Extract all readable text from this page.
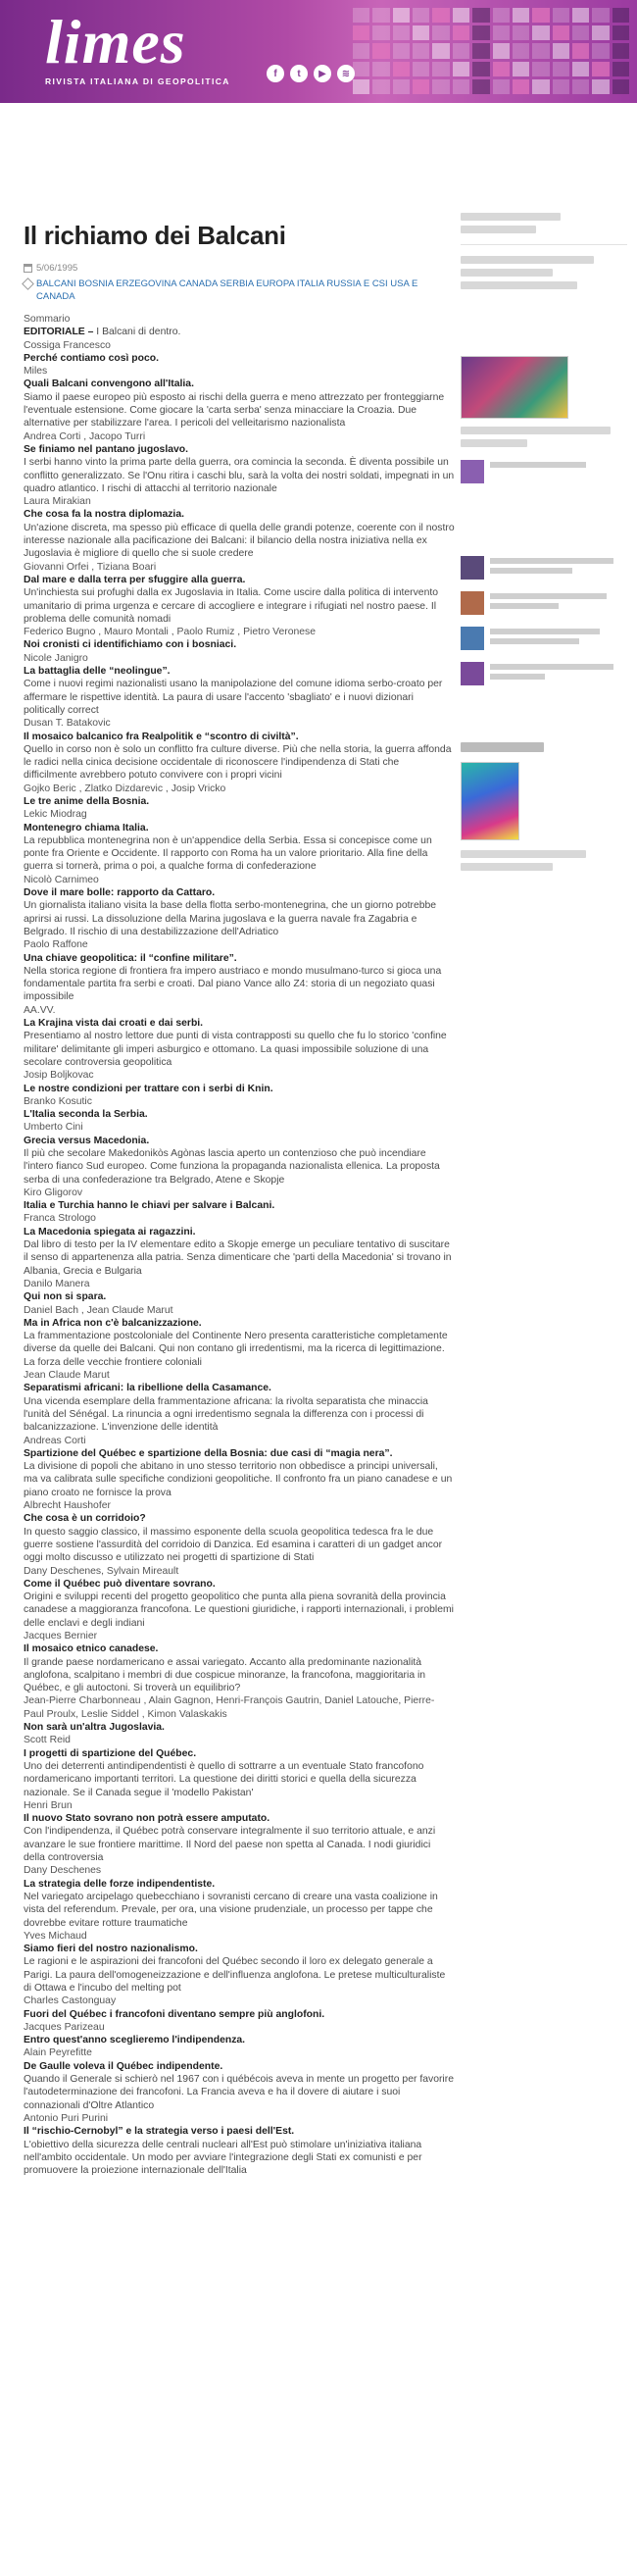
limes
RIVISTA ITALIANA DI GEOPOLITICA
f	t	▶	≋
Il richiamo dei Balcani
5/06/1995
BALCANI BOSNIA ERZEGOVINA CANADA SERBIA EUROPA ITALIA RUSSIA E CSI USA E CANADA
Sommario
EDITORIALE – I Balcani di dentro.
Cossiga Francesco
Perché contiamo così poco.
Miles
Quali Balcani convengono all'Italia.
Siamo il paese europeo più esposto ai rischi della guerra e meno attrezzato per fronteggiarne l'eventuale estensione. Come giocare la 'carta serba' senza minacciare la Croazia. Due alternative per stabilizzare l'area. I pericoli del velleitarismo nazionalista
Andrea Corti , Jacopo Turri
Se finiamo nel pantano jugoslavo.
I serbi hanno vinto la prima parte della guerra, ora comincia la seconda. È diventa possibile un conflitto generalizzato. Se l'Onu ritira i caschi blu, sarà la volta dei nostri soldati, impegnati in un quadro atlantico. I rischi di attacchi al territorio nazionale
Laura Mirakian
Che cosa fa la nostra diplomazia.
Un'azione discreta, ma spesso più efficace di quella delle grandi potenze, coerente con il nostro interesse nazionale alla pacificazione dei Balcani: il bilancio della nostra iniziativa nella ex Jugoslavia è migliore di quello che si suole credere
Giovanni Orfei , Tiziana Boari
Dal mare e dalla terra per sfuggire alla guerra.
Un'inchiesta sui profughi dalla ex Jugoslavia in Italia. Come uscire dalla politica di intervento umanitario di prima urgenza e cercare di accogliere e integrare i rifugiati nel nostro paese. Il problema delle comunità nomadi
Federico Bugno , Mauro Montali , Paolo Rumiz , Pietro Veronese
Noi cronisti ci identifichiamo con i bosniaci.
Nicole Janigro
La battaglia delle “neolingue”.
Come i nuovi regimi nazionalisti usano la manipolazione del comune idioma serbo-croato per affermare le rispettive identità. La paura di usare l'accento 'sbagliato' e i nuovi dizionari politically correct
Dusan T. Batakovic
Il mosaico balcanico fra Realpolitik e “scontro di civiltà”.
Quello in corso non è solo un conflitto fra culture diverse. Più che nella storia, la guerra affonda le radici nella cinica decisione occidentale di riconoscere l'indipendenza di Stati che difficilmente avrebbero potuto convivere con i propri vicini
Gojko Beric , Zlatko Dizdarevic , Josip Vricko
Le tre anime della Bosnia.
Lekic Miodrag
Montenegro chiama Italia.
La repubblica montenegrina non è un'appendice della Serbia. Essa si concepisce come un ponte fra Oriente e Occidente. Il rapporto con Roma ha un valore prioritario. Alla fine della guerra si tornerà, prima o poi, a qualche forma di confederazione
Nicolò Carnimeo
Dove il mare bolle: rapporto da Cattaro.
Un giornalista italiano visita la base della flotta serbo-montenegrina, che un giorno potrebbe aprirsi ai russi. La dissoluzione della Marina jugoslava e la guerra navale fra Zagabria e Belgrado. Il rischio di una destabilizzazione dell'Adriatico
Paolo Raffone
Una chiave geopolitica: il “confine militare”.
Nella storica regione di frontiera fra impero austriaco e mondo musulmano-turco si gioca una fondamentale partita fra serbi e croati. Dal piano Vance allo Z4: storia di un negoziato quasi impossibile
AA.VV.
La Krajina vista dai croati e dai serbi.
Presentiamo al nostro lettore due punti di vista contrapposti su quello che fu lo storico 'confine militare' delimitante gli imperi asburgico e ottomano. La quasi impossibile soluzione di una secolare controversia geopolitica
Josip Boljkovac
Le nostre condizioni per trattare con i serbi di Knin.
Branko Kosutic
L'Italia seconda la Serbia.
Umberto Cini
Grecia versus Macedonia.
Il più che secolare Makedonikòs Agònas lascia aperto un contenzioso che può incendiare l'intero fianco Sud europeo. Come funziona la propaganda nazionalista ellenica. La proposta serba di una confederazione tra Belgrado, Atene e Skopje
Kiro Gligorov
Italia e Turchia hanno le chiavi per salvare i Balcani.
Franca Strologo
La Macedonia spiegata ai ragazzini.
Dal libro di testo per la IV elementare edito a Skopje emerge un peculiare tentativo di suscitare il senso di appartenenza alla patria. Senza dimenticare che 'parti della Macedonia' si trovano in Albania, Grecia e Bulgaria
Danilo Manera
Qui non si spara.
Daniel Bach , Jean Claude Marut
Ma in Africa non c'è balcanizzazione.
La frammentazione postcoloniale del Continente Nero presenta caratteristiche completamente diverse da quelle dei Balcani. Qui non contano gli irredentismi, ma la ricerca di legittimazione. La forza delle vecchie frontiere coloniali
Jean Claude Marut
Separatismi africani: la ribellione della Casamance.
Una vicenda esemplare della frammentazione africana: la rivolta separatista che minaccia l'unità del Sénégal. La rinuncia a ogni irredentismo segnala la differenza con i processi di balcanizzazione. L'invenzione delle identità
Andreas Corti
Spartizione del Québec e spartizione della Bosnia: due casi di “magia nera”.
La divisione di popoli che abitano in uno stesso territorio non obbedisce a principi universali, ma va calibrata sulle specifiche condizioni geopolitiche. Il confronto fra un piano canadese e un piano croato ne fornisce la prova
Albrecht Haushofer
Che cosa è un corridoio?
In questo saggio classico, il massimo esponente della scuola geopolitica tedesca fra le due guerre sostiene l'assurdità del corridoio di Danzica. Ed esamina i caratteri di un gadget ancor oggi molto discusso e utilizzato nei progetti di spartizione di Stati
Dany Deschenes, Sylvain Mireault
Come il Québec può diventare sovrano.
Origini e sviluppi recenti del progetto geopolitico che punta alla piena sovranità della provincia canadese a maggioranza francofona. Le questioni giuridiche, i rapporti internazionali, i problemi delle enclavi e degli indiani
Jacques Bernier
Il mosaico etnico canadese.
Il grande paese nordamericano e assai variegato. Accanto alla predominante nazionalità anglofona, scalpitano i membri di due cospicue minoranze, la francofona, maggioritaria in Québec, e gli autoctoni. Si troverà un equilibrio?
Jean-Pierre Charbonneau , Alain Gagnon, Henri-François Gautrin, Daniel Latouche, Pierre-Paul Proulx, Leslie Siddel , Kimon Valaskakis
Non sarà un'altra Jugoslavia.
Scott Reid
I progetti di spartizione del Québec.
Uno dei deterrenti antindipendentisti è quello di sottrarre a un eventuale Stato francofono nordamericano importanti territori. La questione dei diritti storici e quella della sicurezza nazionale. Se il Canada segue il 'modello Pakistan'
Henri Brun
Il nuovo Stato sovrano non potrà essere amputato.
Con l'indipendenza, il Québec potrà conservare integralmente il suo territorio attuale, e anzi avanzare le sue frontiere marittime. Il Nord del paese non spetta al Canada. I nodi giuridici della controversia
Dany Deschenes
La strategia delle forze indipendentiste.
Nel variegato arcipelago quebecchiano i sovranisti cercano di creare una vasta coalizione in vista del referendum. Prevale, per ora, una visione prudenziale, un processo per tappe che dovrebbe evitare rotture traumatiche
Yves Michaud
Siamo fieri del nostro nazionalismo.
Le ragioni e le aspirazioni dei francofoni del Québec secondo il loro ex delegato generale a Parigi. La paura dell'omogeneizzazione e dell'influenza anglofona. Le pretese multiculturaliste di Ottawa e l'incubo del melting pot
Charles Castonguay
Fuori del Québec i francofoni diventano sempre più anglofoni.
Jacques Parizeau
Entro quest'anno sceglieremo l'indipendenza.
Alain Peyrefitte
De Gaulle voleva il Québec indipendente.
Quando il Generale si schierò nel 1967 con i québécois aveva in mente un progetto per favorire l'autodeterminazione dei francofoni. La Francia aveva e ha il dovere di aiutare i suoi connazionali d'Oltre Atlantico
Antonio Puri Purini
Il “rischio-Cernobyl” e la strategia verso i paesi dell'Est.
L'obiettivo della sicurezza delle centrali nucleari all'Est può stimolare un'iniziativa italiana nell'ambito occidentale. Un modo per avviare l'integrazione degli Stati ex comunisti e per promuovere la proiezione internazionale dell'Italia
